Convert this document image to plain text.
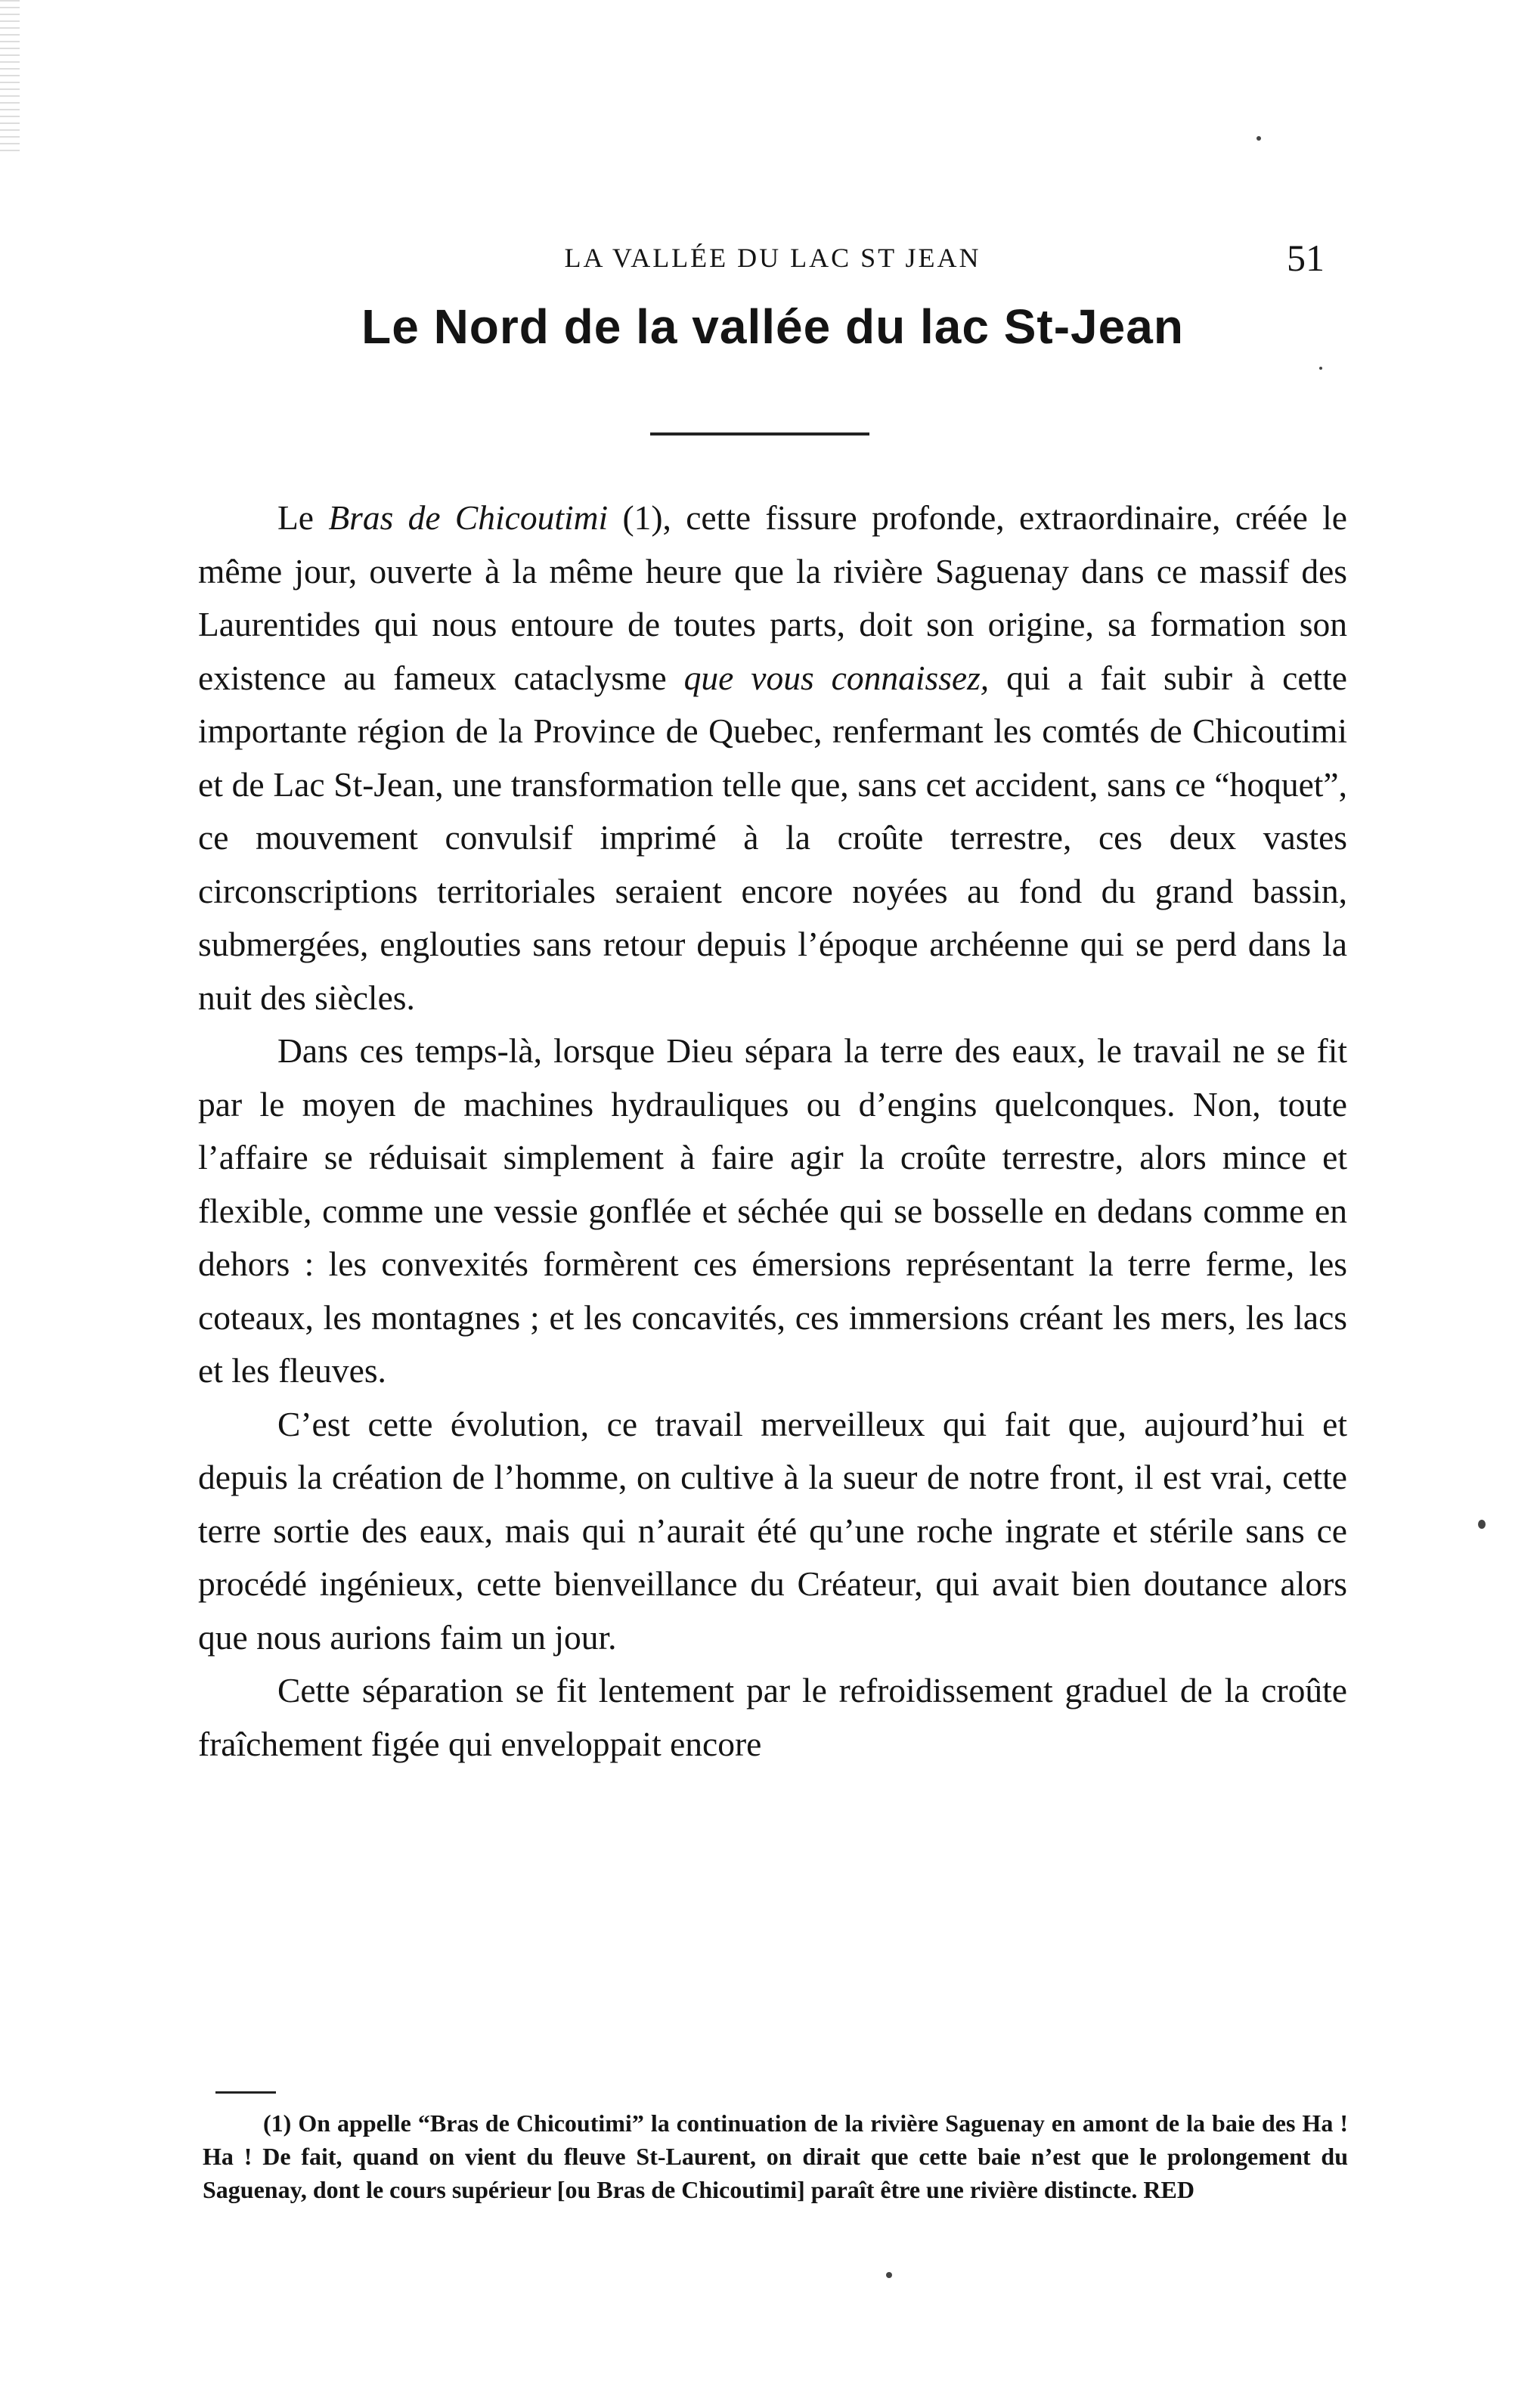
LA VALLÉE DU LAC ST JEAN	51
Le Nord de la vallée du lac St-Jean

Le Bras de Chicoutimi (1), cette fissure profonde, extraordinaire, créée le même jour, ouverte à la même heure que la rivière Saguenay dans ce massif des Laurentides qui nous entoure de toutes parts, doit son origine, sa formation son existence au fameux cataclysme que vous connaissez, qui a fait subir à cette importante région de la Province de Quebec, renfermant les comtés de Chicoutimi et de Lac St-Jean, une transformation telle que, sans cet accident, sans ce “hoquet”, ce mouvement convulsif imprimé à la croûte terrestre, ces deux vastes circonscriptions territoriales seraient encore noyées au fond du grand bassin, submergées, englouties sans retour depuis l’époque archéenne qui se perd dans la nuit des siècles.

Dans ces temps-là, lorsque Dieu sépara la terre des eaux, le travail ne se fit par le moyen de machines hydrauliques ou d’engins quelconques. Non, toute l’affaire se réduisait simplement à faire agir la croûte terrestre, alors mince et flexible, comme une vessie gonflée et séchée qui se bosselle en dedans comme en dehors : les convexités formèrent ces émersions représentant la terre ferme, les coteaux, les montagnes ; et les concavités, ces immersions créant les mers, les lacs et les fleuves.

C’est cette évolution, ce travail merveilleux qui fait que, aujourd’hui et depuis la création de l’homme, on cultive à la sueur de notre front, il est vrai, cette terre sortie des eaux, mais qui n’aurait été qu’une roche ingrate et stérile sans ce procédé ingénieux, cette bienveillance du Créateur, qui avait bien doutance alors que nous aurions faim un jour.

Cette séparation se fit lentement par le refroidissement graduel de la croûte fraîchement figée qui enveloppait encore

(1) On appelle “Bras de Chicoutimi” la continuation de la rivière Saguenay en amont de la baie des Ha ! Ha ! De fait, quand on vient du fleuve St-Laurent, on dirait que cette baie n’est que le prolongement du Saguenay, dont le cours supérieur [ou Bras de Chicoutimi] paraît être une rivière distincte. RED
